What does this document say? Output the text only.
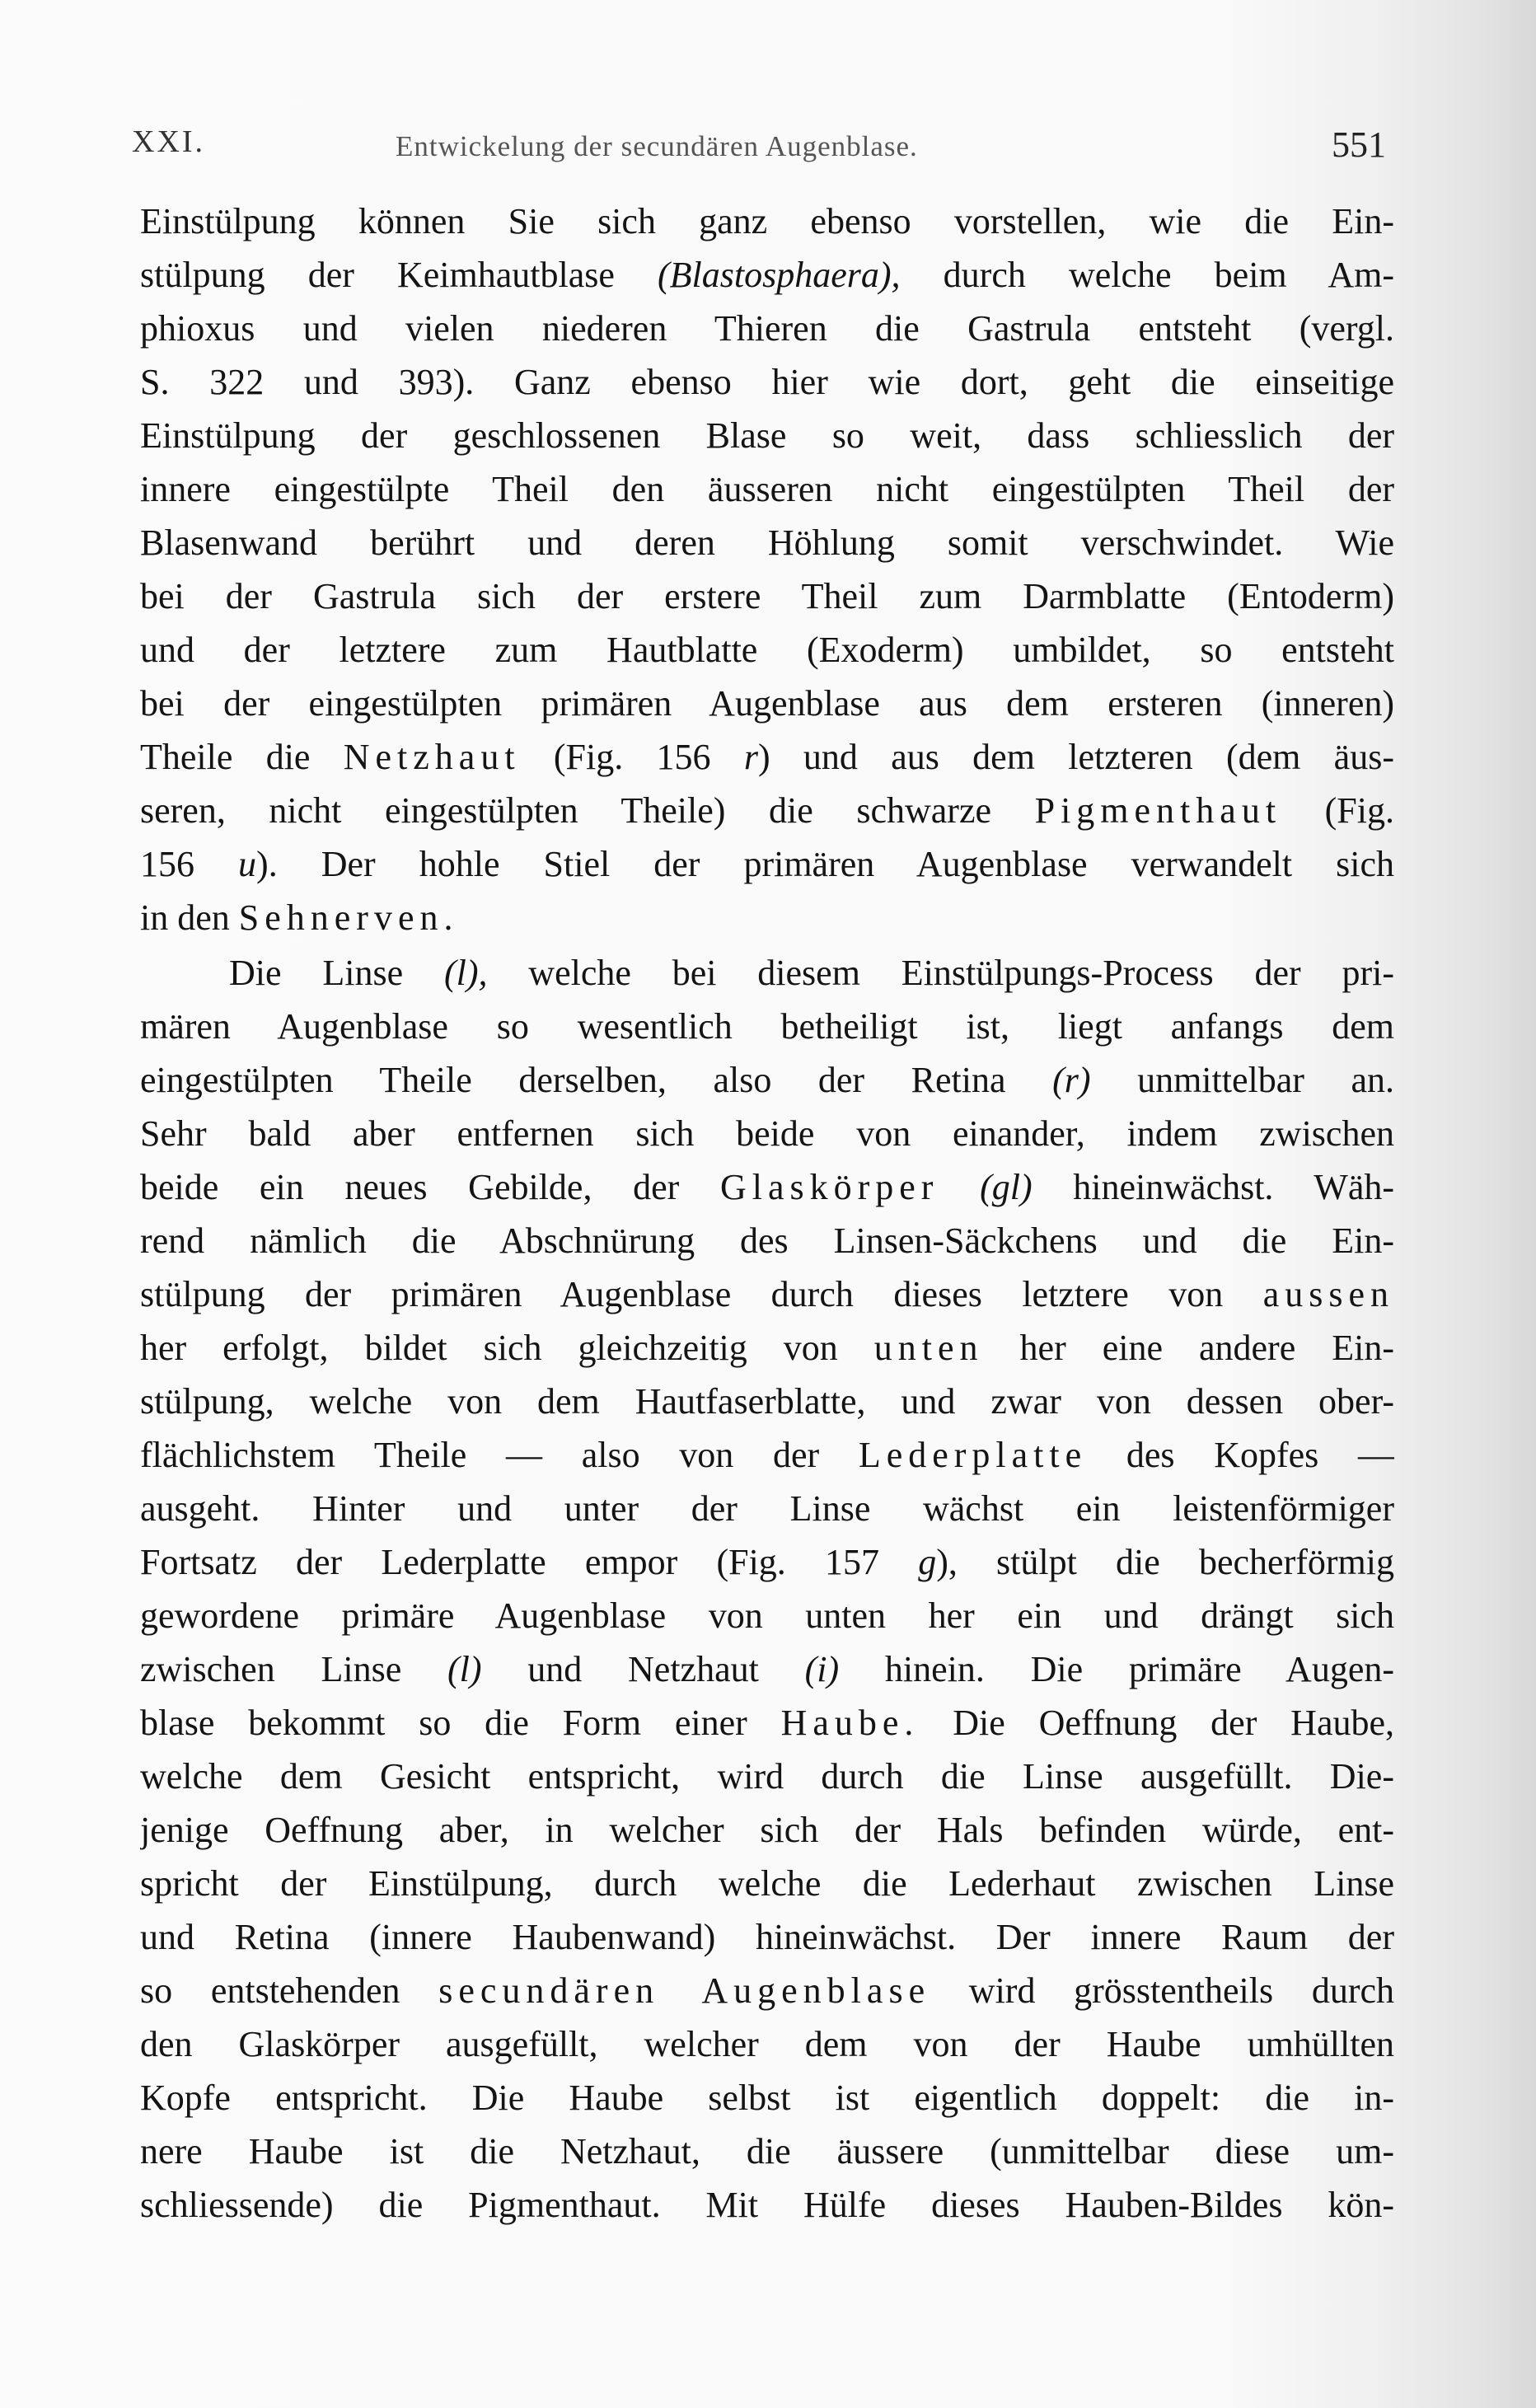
XXI.	Entwickelung der secundären Augenblase.	551
Einstülpung können Sie sich ganz ebenso vorstellen, wie die Ein-
stülpung der Keimhautblase (Blastosphaera), durch welche beim Am-
phioxus und vielen niederen Thieren die Gastrula entsteht (vergl.
S. 322 und 393). Ganz ebenso hier wie dort, geht die einseitige
Einstülpung der geschlossenen Blase so weit, dass schliesslich der
innere eingestülpte Theil den äusseren nicht eingestülpten Theil der
Blasenwand berührt und deren Höhlung somit verschwindet. Wie
bei der Gastrula sich der erstere Theil zum Darmblatte (Entoderm)
und der letztere zum Hautblatte (Exoderm) umbildet, so entsteht
bei der eingestülpten primären Augenblase aus dem ersteren (inneren)
Theile die Netzhaut (Fig. 156 r) und aus dem letzteren (dem äus-
seren, nicht eingestülpten Theile) die schwarze Pigmenthaut (Fig.
156 u). Der hohle Stiel der primären Augenblase verwandelt sich
in den Sehnerven.
Die Linse (l), welche bei diesem Einstülpungs-Process der pri-
mären Augenblase so wesentlich betheiligt ist, liegt anfangs dem
eingestülpten Theile derselben, also der Retina (r) unmittelbar an.
Sehr bald aber entfernen sich beide von einander, indem zwischen
beide ein neues Gebilde, der Glaskörper (gl) hineinwächst. Wäh-
rend nämlich die Abschnürung des Linsen-Säckchens und die Ein-
stülpung der primären Augenblase durch dieses letztere von aussen
her erfolgt, bildet sich gleichzeitig von unten her eine andere Ein-
stülpung, welche von dem Hautfaserblatte, und zwar von dessen ober-
flächlichstem Theile — also von der Lederplatte des Kopfes —
ausgeht. Hinter und unter der Linse wächst ein leistenförmiger
Fortsatz der Lederplatte empor (Fig. 157 g), stülpt die becherförmig
gewordene primäre Augenblase von unten her ein und drängt sich
zwischen Linse (l) und Netzhaut (i) hinein. Die primäre Augen-
blase bekommt so die Form einer Haube. Die Oeffnung der Haube,
welche dem Gesicht entspricht, wird durch die Linse ausgefüllt. Die-
jenige Oeffnung aber, in welcher sich der Hals befinden würde, ent-
spricht der Einstülpung, durch welche die Lederhaut zwischen Linse
und Retina (innere Haubenwand) hineinwächst. Der innere Raum der
so entstehenden secundären Augenblase wird grösstentheils durch
den Glaskörper ausgefüllt, welcher dem von der Haube umhüllten
Kopfe entspricht. Die Haube selbst ist eigentlich doppelt: die in-
nere Haube ist die Netzhaut, die äussere (unmittelbar diese um-
schliessende) die Pigmenthaut. Mit Hülfe dieses Hauben-Bildes kön-
